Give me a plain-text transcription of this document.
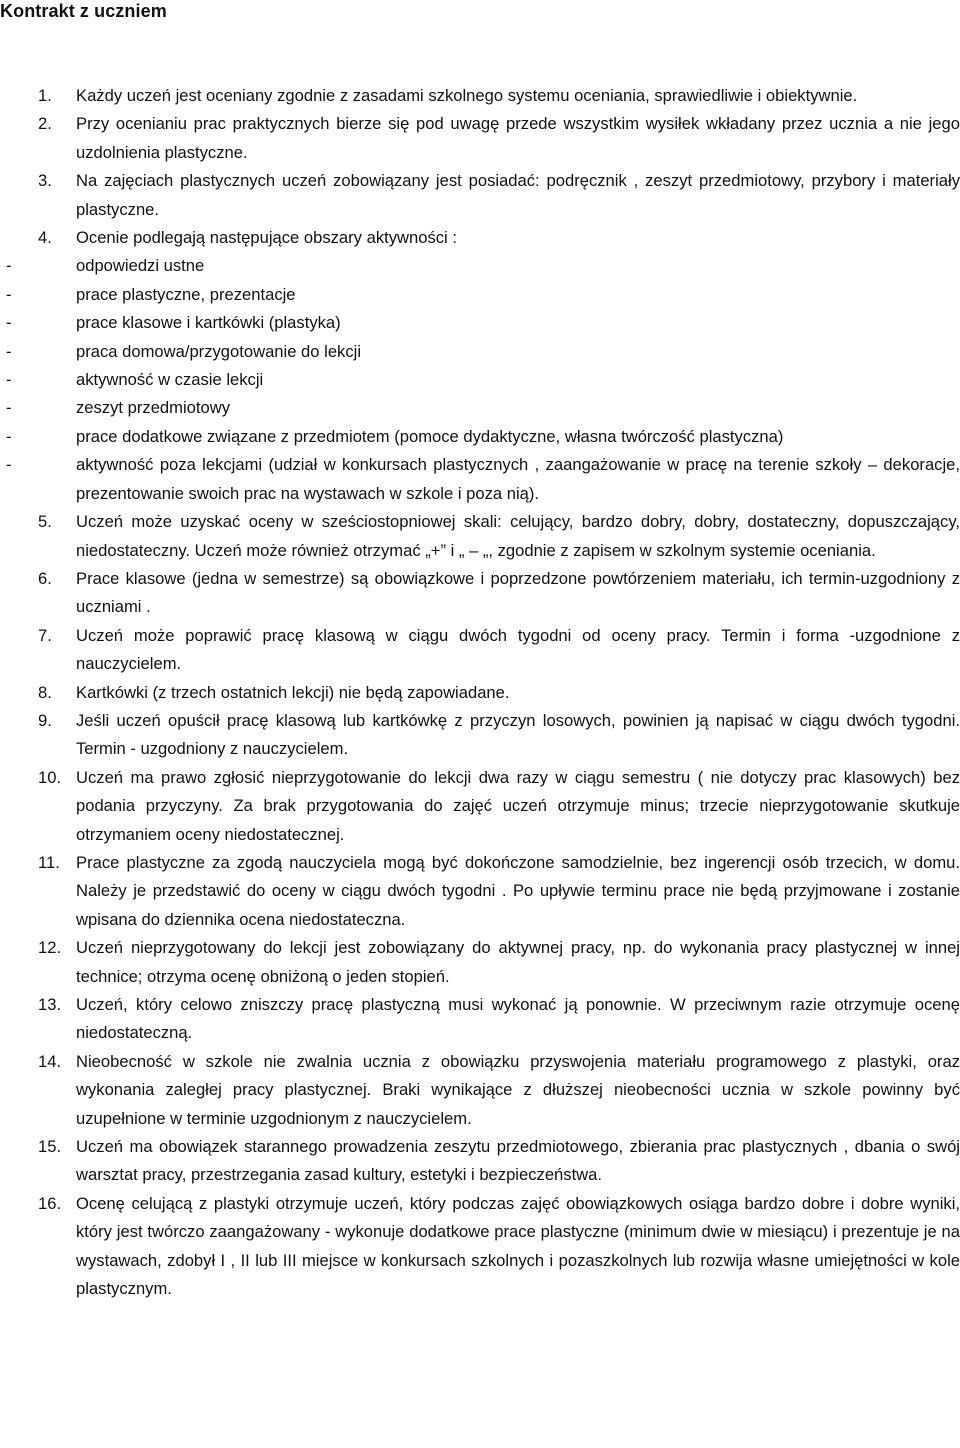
Kontrakt z uczniem
1. Każdy uczeń jest oceniany zgodnie z zasadami szkolnego systemu oceniania, sprawiedliwie i obiektywnie.
2. Przy ocenianiu prac praktycznych bierze się pod uwagę przede wszystkim wysiłek wkładany przez ucznia a nie jego uzdolnienia plastyczne.
3. Na zajęciach plastycznych uczeń zobowiązany jest posiadać: podręcznik , zeszyt przedmiotowy, przybory i materiały plastyczne.
4. Ocenie podlegają następujące obszary aktywności :
-	odpowiedzi ustne
-	prace plastyczne, prezentacje
-	prace klasowe i kartkówki (plastyka)
-	praca domowa/przygotowanie do lekcji
-	aktywność w czasie lekcji
-	zeszyt przedmiotowy
-	prace dodatkowe związane z przedmiotem (pomoce dydaktyczne, własna twórczość plastyczna)
-	aktywność poza lekcjami (udział w konkursach plastycznych , zaangażowanie w pracę na terenie szkoły – dekoracje, prezentowanie swoich prac na wystawach w szkole i poza nią).
5. Uczeń może uzyskać oceny w sześciostopniowej skali: celujący, bardzo dobry, dobry, dostateczny, dopuszczający, niedostateczny. Uczeń może również otrzymać „+” i „ – „, zgodnie z zapisem w szkolnym systemie oceniania.
6. Prace klasowe (jedna w semestrze) są obowiązkowe i poprzedzone powtórzeniem materiału, ich termin-uzgodniony z uczniami .
7. Uczeń może poprawić pracę klasową w ciągu dwóch tygodni od oceny pracy. Termin i forma -uzgodnione z nauczycielem.
8. Kartkówki (z trzech ostatnich lekcji) nie będą zapowiadane.
9. Jeśli uczeń opuścił pracę klasową lub kartkówkę z przyczyn losowych, powinien ją napisać w ciągu dwóch tygodni. Termin - uzgodniony z nauczycielem.
10. Uczeń ma prawo zgłosić nieprzygotowanie do lekcji dwa razy w ciągu semestru ( nie dotyczy prac klasowych) bez podania przyczyny. Za brak przygotowania do zajęć uczeń otrzymuje minus; trzecie nieprzygotowanie skutkuje otrzymaniem oceny niedostatecznej.
11. Prace plastyczne za zgodą nauczyciela mogą być dokończone samodzielnie, bez ingerencji osób trzecich, w domu. Należy je przedstawić do oceny w ciągu dwóch tygodni . Po upływie terminu prace nie będą przyjmowane i zostanie wpisana do dziennika ocena niedostateczna.
12. Uczeń nieprzygotowany do lekcji jest zobowiązany do aktywnej pracy, np. do wykonania pracy plastycznej w innej technice; otrzyma ocenę obniżoną o jeden stopień.
13. Uczeń, który celowo zniszczy pracę plastyczną musi wykonać ją ponownie. W przeciwnym razie otrzymuje ocenę niedostateczną.
14. Nieobecność w szkole nie zwalnia ucznia z obowiązku przyswojenia materiału programowego z plastyki, oraz wykonania zaległej pracy plastycznej. Braki wynikające z dłuższej nieobecności ucznia w szkole powinny być uzupełnione w terminie uzgodnionym z nauczycielem.
15. Uczeń ma obowiązek starannego prowadzenia zeszytu przedmiotowego, zbierania prac plastycznych , dbania o swój warsztat pracy, przestrzegania zasad kultury, estetyki i bezpieczeństwa.
16. Ocenę celującą z plastyki otrzymuje uczeń, który podczas zajęć obowiązkowych osiąga bardzo dobre i dobre wyniki, który jest twórczo zaangażowany - wykonuje dodatkowe prace plastyczne (minimum dwie w miesiącu) i prezentuje je na wystawach, zdobył I , II lub III miejsce w konkursach szkolnych i pozaszkolnych lub rozwija własne umiejętności w kole plastycznym.
